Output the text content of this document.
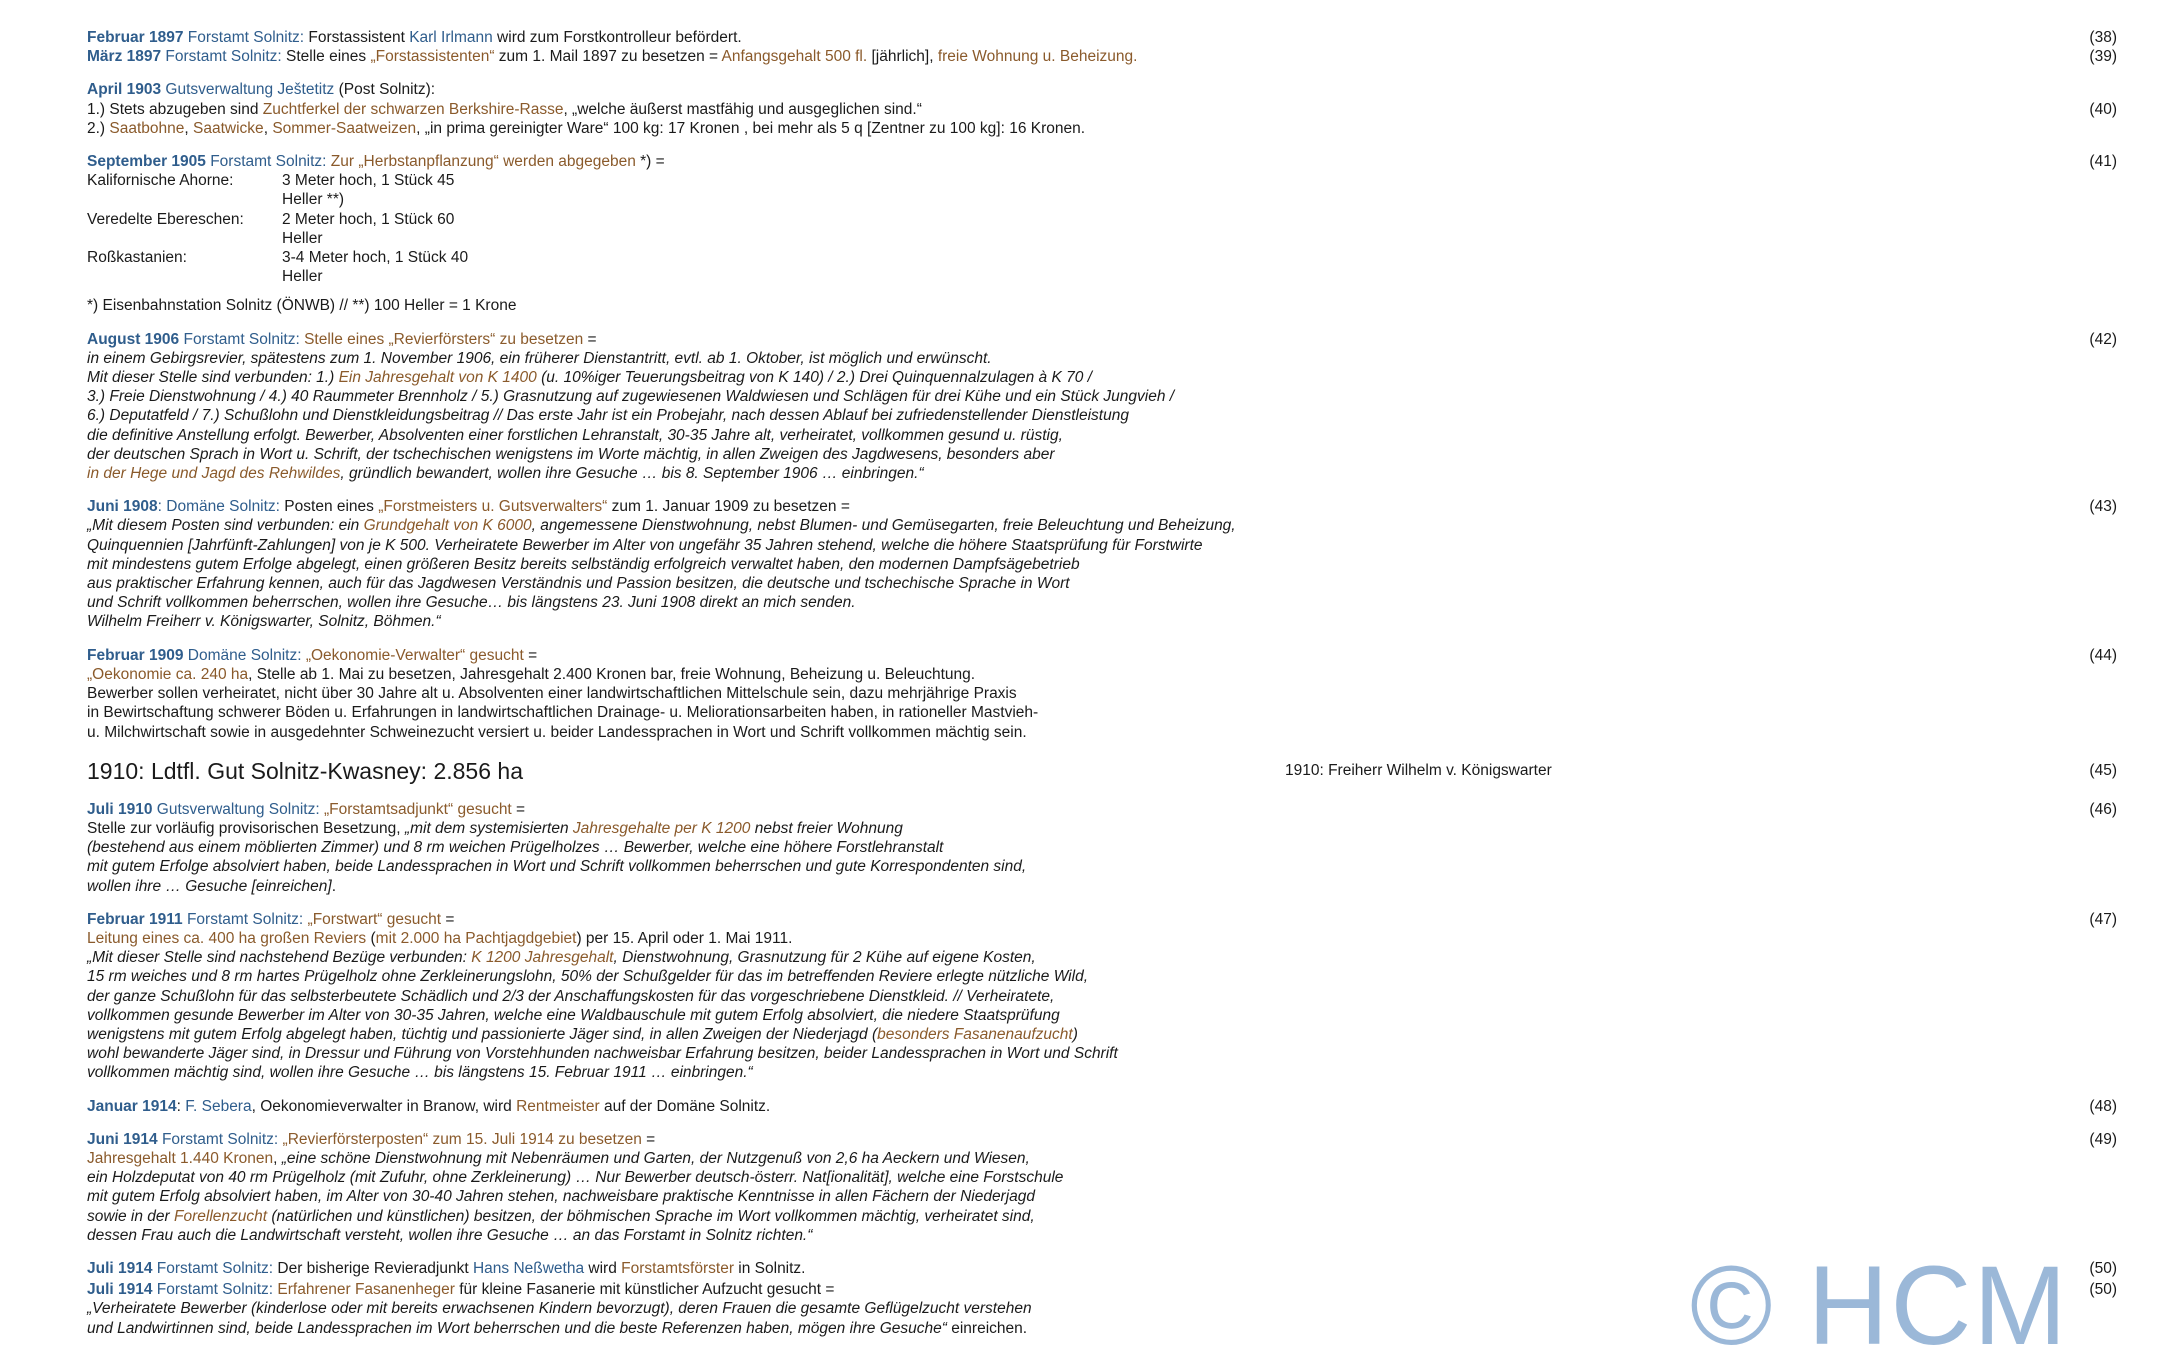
Februar 1897 Forstamt Solnitz: Forstassistent Karl Irlmann wird zum Forstkontrolleur befördert.	(38)
März 1897 Forstamt Solnitz: Stelle eines „Forstassistenten“ zum 1. Mail 1897 zu besetzen = Anfangsgehalt 500 fl. [jährlich], freie Wohnung u. Beheizung.	(39)
April 1903 Gutsverwaltung Ještetitz (Post Solnitz):
1.) Stets abzugeben sind Zuchtferkel der schwarzen Berkshire-Rasse, „welche äußerst mastfähig und ausgeglichen sind.“	(40)
2.) Saatbohne, Saatwicke, Sommer-Saatweizen, „in prima gereinigter Ware“ 100 kg: 17 Kronen , bei mehr als 5 q [Zentner zu 100 kg]: 16 Kronen.
September 1905 Forstamt Solnitz: Zur „Herbstanpflanzung“ werden abgegeben *) =	(41)
Kalifornische Ahorne:	3 Meter hoch, 1 Stück 45 Heller **)
Veredelte Ebereschen:	2 Meter hoch, 1 Stück 60 Heller
Roßkastanien:	3-4 Meter hoch, 1 Stück 40 Heller
*) Eisenbahnstation Solnitz (ÖNWB) // **) 100 Heller = 1 Krone
August 1906 Forstamt Solnitz: Stelle eines „Revierförsters“ zu besetzen =	(42)
in einem Gebirgsrevier, spätestens zum 1. November 1906, ein früherer Dienstantritt, evtl. ab 1. Oktober, ist möglich und erwünscht.
Mit dieser Stelle sind verbunden: 1.) Ein Jahresgehalt von K 1400 (u. 10%iger Teuerungsbeitrag von K 140) / 2.) Drei Quinquennalzulagen à K 70 /
3.) Freie Dienstwohnung / 4.) 40 Raummeter Brennholz / 5.) Grasnutzung auf zugewiesenen Waldwiesen und Schlägen für drei Kühe und ein Stück Jungvieh /
6.) Deputatfeld / 7.) Schußlohn und Dienstkleidungsbeitrag // Das erste Jahr ist ein Probejahr, nach dessen Ablauf bei zufriedenstellender Dienstleistung
die definitive Anstellung erfolgt. Bewerber, Absolventen einer forstlichen Lehranstalt, 30-35 Jahre alt, verheiratet, vollkommen gesund u. rüstig,
der deutschen Sprach in Wort u. Schrift, der tschechischen wenigstens im Worte mächtig, in allen Zweigen des Jagdwesens, besonders aber
in der Hege und Jagd des Rehwildes, gründlich bewandert, wollen ihre Gesuche … bis 8. September 1906 … einbringen.“
Juni 1908: Domäne Solnitz: Posten eines „Forstmeisters u. Gutsverwalters“ zum 1. Januar 1909 zu besetzen =	(43)
„Mit diesem Posten sind verbunden: ein Grundgehalt von K 6000, angemessene Dienstwohnung, nebst Blumen- und Gemüsegarten, freie Beleuchtung und Beheizung,
Quinquennien [Jahrfünft-Zahlungen] von je K 500. Verheiratete Bewerber im Alter von ungefähr 35 Jahren stehend, welche die höhere Staatsprüfung für Forstwirte
mit mindestens gutem Erfolge abgelegt, einen größeren Besitz bereits selbständig erfolgreich verwaltet haben, den modernen Dampfsägebetrieb
aus praktischer Erfahrung kennen, auch für das Jagdwesen Verständnis und Passion besitzen, die deutsche und tschechische Sprache in Wort
und Schrift vollkommen beherrschen, wollen ihre Gesuche… bis längstens 23. Juni 1908 direkt an mich senden.
Wilhelm Freiherr v. Königswarter, Solnitz, Böhmen.“
Februar 1909 Domäne Solnitz: „Oekonomie-Verwalter“ gesucht =	(44)
„Oekonomie ca. 240 ha, Stelle ab 1. Mai zu besetzen, Jahresgehalt 2.400 Kronen bar, freie Wohnung, Beheizung u. Beleuchtung.
Bewerber sollen verheiratet, nicht über 30 Jahre alt u. Absolventen einer landwirtschaftlichen Mittelschule sein, dazu mehrjährige Praxis
in Bewirtschaftung schwerer Böden u. Erfahrungen in landwirtschaftlichen Drainage- u. Meliorationsarbeiten haben, in rationeller Mastvieh-
u. Milchwirtschaft sowie in ausgedehnter Schweinezucht versiert u. beider Landessprachen in Wort und Schrift vollkommen mächtig sein.
1910: Ldtfl. Gut Solnitz-Kwasney: 2.856 ha	1910: Freiherr Wilhelm v. Königswarter	(45)
Juli 1910 Gutsverwaltung Solnitz: „Forstamtsadjunkt“ gesucht =	(46)
Stelle zur vorläufig provisorischen Besetzung, „mit dem systemisierten Jahresgehalte per K 1200 nebst freier Wohnung
(bestehend aus einem möblierten Zimmer) und 8 rm weichen Prügelholzes … Bewerber, welche eine höhere Forstlehranstalt
mit gutem Erfolge absolviert haben, beide Landessprachen in Wort und Schrift vollkommen beherrschen und gute Korrespondenten sind,
wollen ihre … Gesuche [einreichen].
Februar 1911 Forstamt Solnitz: „Forstwart“ gesucht =	(47)
Leitung eines ca. 400 ha großen Reviers (mit 2.000 ha Pachtjagdgebiet) per 15. April oder 1. Mai 1911.
„Mit dieser Stelle sind nachstehend Bezüge verbunden: K 1200 Jahresgehalt, Dienstwohnung, Grasnutzung für 2 Kühe auf eigene Kosten,
15 rm weiches und 8 rm hartes Prügelholz ohne Zerkleinerungslohn, 50% der Schußgelder für das im betreffenden Reviere erlegte nützliche Wild,
der ganze Schußlohn für das selbsterbeutete Schädlich und 2/3 der Anschaffungskosten für das vorgeschriebene Dienstkleid. // Verheiratete,
vollkommen gesunde Bewerber im Alter von 30-35 Jahren, welche eine Waldbauschule mit gutem Erfolg absolviert, die niedere Staatsprüfung
wenigstens mit gutem Erfolg abgelegt haben, tüchtig und passionierte Jäger sind, in allen Zweigen der Niederjagd (besonders Fasanenaufzucht)
wohl bewanderte Jäger sind, in Dressur und Führung von Vorstehhunden nachweisbar Erfahrung besitzen, beider Landessprachen in Wort und Schrift
vollkommen mächtig sind, wollen ihre Gesuche … bis längstens 15. Februar 1911 … einbringen.“
Januar 1914: F. Sebera, Oekonomieverwalter in Branow, wird Rentmeister auf der Domäne Solnitz.	(48)
Juni 1914 Forstamt Solnitz: „Revierförsterposten“ zum 15. Juli 1914 zu besetzen =	(49)
Jahresgehalt 1.440 Kronen, „eine schöne Dienstwohnung mit Nebenräumen und Garten, der Nutzgenuß von 2,6 ha Aeckern und Wiesen,
ein Holzdeputat von 40 rm Prügelholz (mit Zufuhr, ohne Zerkleinerung) … Nur Bewerber deutsch-österr. Nat[ionalität], welche eine Forstschule
mit gutem Erfolg absolviert haben, im Alter von 30-40 Jahren stehen, nachweisbare praktische Kenntnisse in allen Fächern der Niederjagd
sowie in der Forellenzucht (natürlichen und künstlichen) besitzen, der böhmischen Sprache im Wort vollkommen mächtig, verheiratet sind,
dessen Frau auch die Landwirtschaft versteht, wollen ihre Gesuche … an das Forstamt in Solnitz richten.“
Juli 1914 Forstamt Solnitz: Der bisherige Revieradjunkt Hans Neßwetha wird Forstamtsförster in Solnitz.	(50)
Juli 1914 Forstamt Solnitz: Erfahrener Fasanenheger für kleine Fasanerie mit künstlicher Aufzucht gesucht =	(50)
„Verheiratete Bewerber (kinderlose oder mit bereits erwachsenen Kindern bevorzugt), deren Frauen die gesamte Geflügelzucht verstehen
und Landwirtinnen sind, beide Landessprachen im Wort beherrschen und die beste Referenzen haben, mögen ihre Gesuche“ einreichen.	© HCM
